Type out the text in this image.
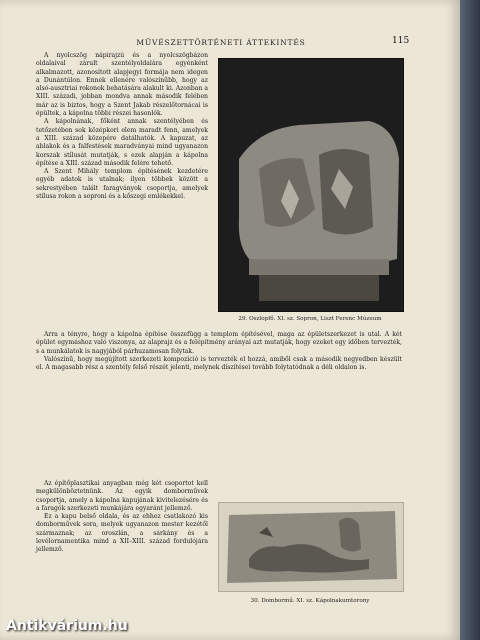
MŰVÉSZETTÖRTÉNETI ÁTTEKINTÉS	115

A nyolcszög nápirajzú és a nyolcszögbázon oldalaival zárult szentélyoldalára egyénként alkalmazott, azonosított alapjegyi formája nem idegen a Dunántúlon. Ennek ellenére valószínűbb, hogy az alsó-ausztriai rokonok behatására alakult ki. Azonban a XIII. századi, jobban mondva annak második felében már az is biztos, hogy a Szent Jakab részelőtornácai is épültek, a kápolna többi részei hasonlók.

A kápolnának, főként annak szentélyében és tetőzetében sok középkori elem maradt fenn, amelyek a XIII. század közepére datálhatók. A kapuzat, az ablakok és a falfestések maradványai mind ugyanazon korszak stílusát mutatják, s ezek alapján a kápolna építése a XIII. század második felére tehető.

A Szent Mihály templom építésének kezdetére egyéb adatok is utalnak; ilyen többek között a sekrestyében talált faragványok csoportja, amelyek stílusa rokon a soproni és a kőszegi emlékekkel.

29. Oszlopfő. XI. sz. Sopron, Liszt Ferenc Múzeum

Arra a tényre, hogy a kápolna építése összefügg a templom építésével, maga az épületszerkezet is utal. A két épület egymáshoz való viszonya, az alaprajz és a felépítmény arányai azt mutatják, hogy ezeket egy időben tervezték, s a munkálatok is nagyjából párhuzamosan folytak.

Valószínű, hogy megújított szerkezeti kompozíció is tervezték el hozzá, amiből csak a második negyedben készült el. A magasabb rész a szentély felső részét jelenti, melynek díszítései tovább folytatódnak a déli oldalon is.

Az építőplasztikai anyagban még két csoportot kell megkülönböztetnünk. Az egyik domborművek csoportja, amely a kápolna kapujának kivitelezésére és a faragók szerkezeti munkájára egyaránt jellemző.

Ez a kapu belső oldala, és az ehhez csatlakozó kis domborművek sora, melyek ugyanazon mester kezétől származnak; az oroszlán, a sárkány és a levélornamentika mind a XII–XIII. század fordulójára jellemző.

30. Dombormű. XI. sz. Kápolnakumtorony
Antikvárium.hu
